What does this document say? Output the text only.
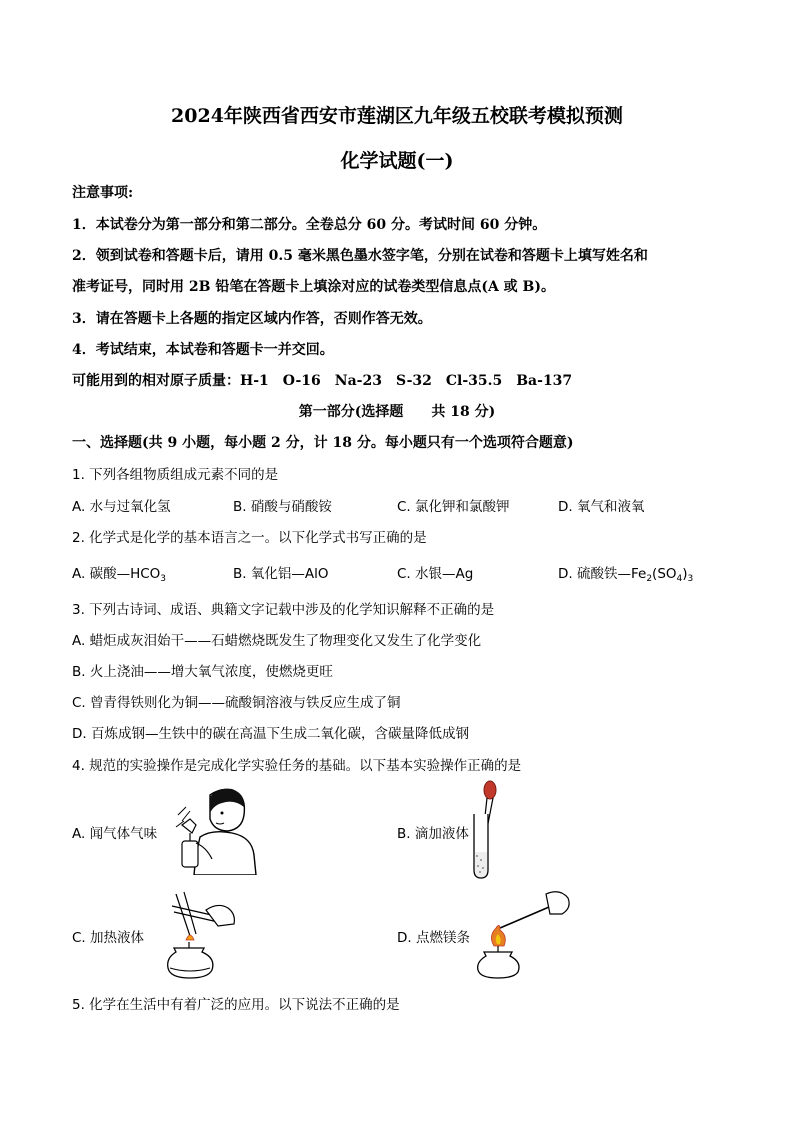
2024年陕西省西安市莲湖区九年级五校联考模拟预测
化学试题(一)
注意事项:
1．本试卷分为第一部分和第二部分。全卷总分 60 分。考试时间 60 分钟。
2．领到试卷和答题卡后，请用 0.5 毫米黑色墨水签字笔，分别在试卷和答题卡上填写姓名和
准考证号，同时用 2B 铅笔在答题卡上填涂对应的试卷类型信息点(A 或 B)。
3．请在答题卡上各题的指定区域内作答，否则作答无效。
4．考试结束，本试卷和答题卡一并交回。
可能用到的相对原子质量：H-1　O-16　Na-23　S-32　Cl-35.5　Ba-137
第一部分(选择题　　共 18 分)
一、选择题(共 9 小题，每小题 2 分，计 18 分。每小题只有一个选项符合题意)
1. 下列各组物质组成元素不同的是
A. 水与过氧化氢	B. 硝酸与硝酸铵	C. 氯化钾和氯酸钾	D. 氧气和液氧
2. 化学式是化学的基本语言之一。以下化学式书写正确的是
A. 碳酸$—HCO_3$	B. 氧化铝—AlO	C. 水银—Ag	D. 硫酸铁$—Fe_2(SO_4)_3$
3. 下列古诗词、成语、典籍文字记载中涉及的化学知识解释不正确的是
A. 蜡炬成灰泪始干——石蜡燃烧既发生了物理变化又发生了化学变化
B. 火上浇油——增大氧气浓度，使燃烧更旺
C. 曾青得铁则化为铜——硫酸铜溶液与铁反应生成了铜
D. 百炼成钢—生铁中的碳在高温下生成二氧化碳，含碳量降低成钢
4. 规范的实验操作是完成化学实验任务的基础。以下基本实验操作正确的是
A. 闻气体气味	B. 滴加液体
C. 加热液体	D. 点燃镁条
5. 化学在生活中有着广泛的应用。以下说法不正确的是
